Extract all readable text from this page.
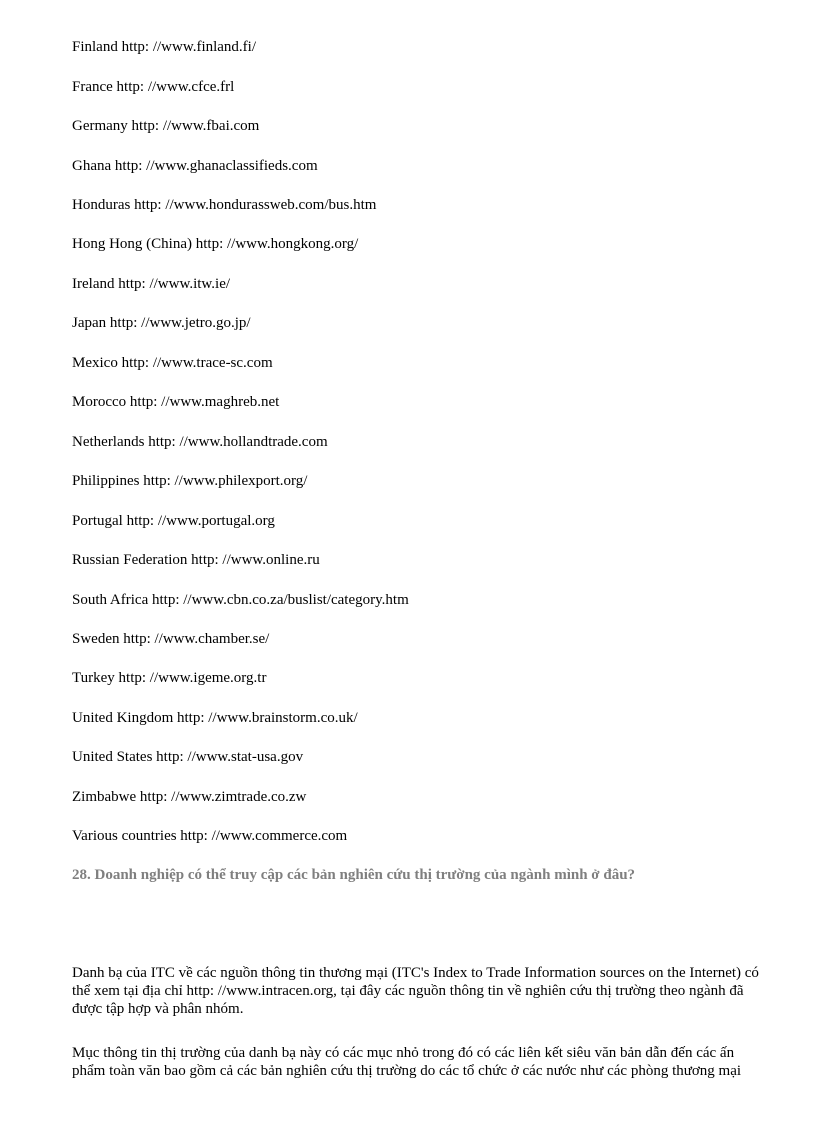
Finland http: //www.finland.fi/
France http: //www.cfce.frl
Germany http: //www.fbai.com
Ghana http: //www.ghanaclassifieds.com
Honduras http: //www.hondurassweb.com/bus.htm
Hong Hong (China) http: //www.hongkong.org/
Ireland http: //www.itw.ie/
Japan http: //www.jetro.go.jp/
Mexico http: //www.trace-sc.com
Morocco http: //www.maghreb.net
Netherlands http: //www.hollandtrade.com
Philippines http: //www.philexport.org/
Portugal http: //www.portugal.org
Russian Federation http: //www.online.ru
South Africa http: //www.cbn.co.za/buslist/category.htm
Sweden http: //www.chamber.se/
Turkey http: //www.igeme.org.tr
United Kingdom http: //www.brainstorm.co.uk/
United States http: //www.stat-usa.gov
Zimbabwe http: //www.zimtrade.co.zw
Various countries http: //www.commerce.com
28. Doanh nghiệp có thể truy cập các bản nghiên cứu thị trường của ngành mình ở đâu?
Danh bạ của ITC về các nguồn thông tin thương mại (ITC's Index to Trade Information sources on the Internet) có thể xem tại địa chỉ http: //www.intracen.org, tại đây các nguồn thông tin về nghiên cứu thị trường theo ngành đã được tập hợp và phân nhóm.
Mục thông tin thị trường của danh bạ này có các mục nhỏ trong đó có các liên kết siêu văn bản dẫn đến các ấn phẩm toàn văn bao gồm cả các bản nghiên cứu thị trường do các tổ chức ở các nước như các phòng thương mại
